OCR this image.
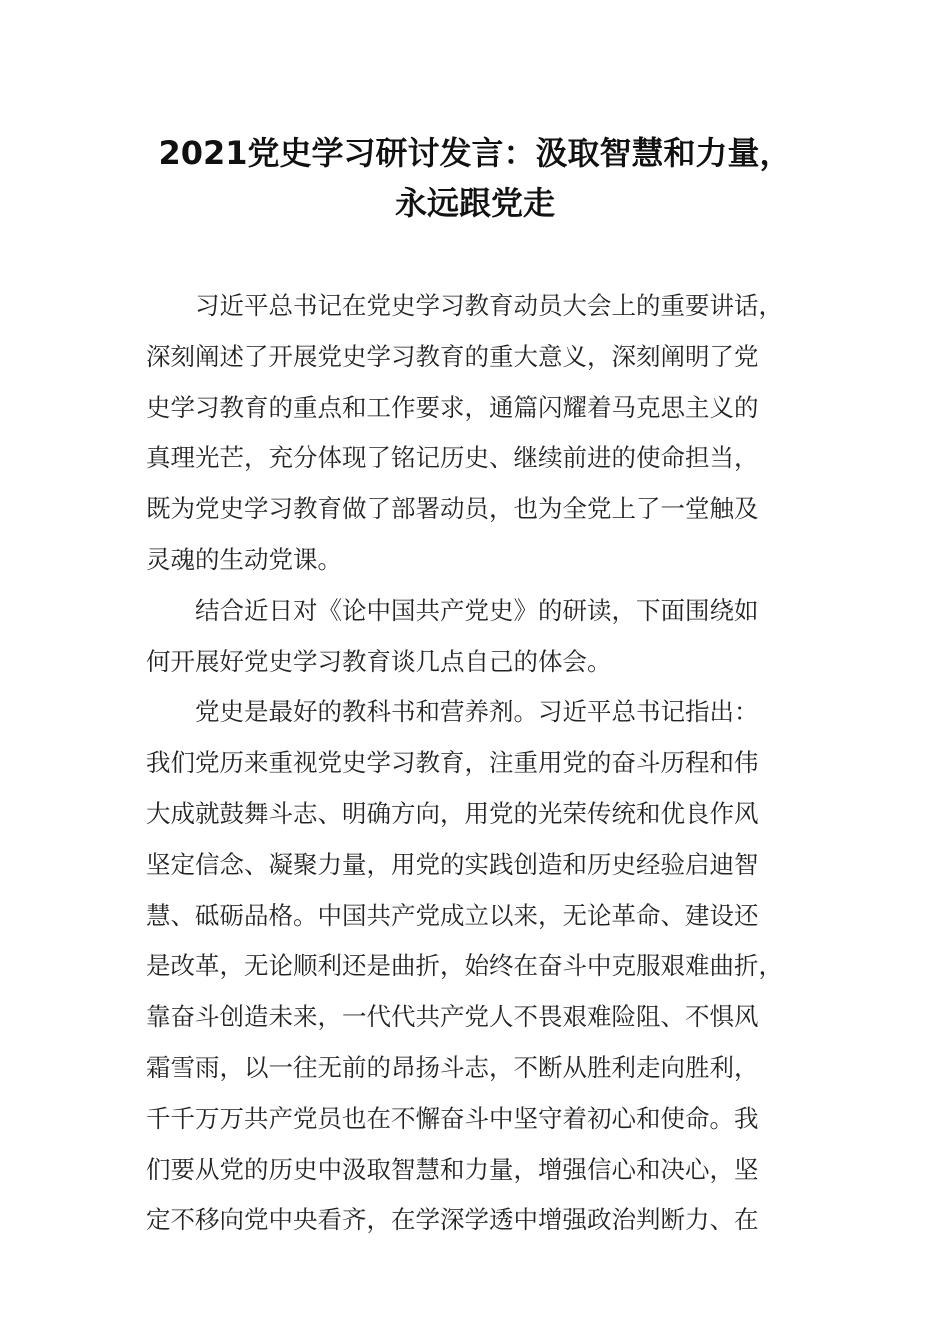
2021党史学习研讨发言：汲取智慧和力量，
永远跟党走
习近平总书记在党史学习教育动员大会上的重要讲话，
深刻阐述了开展党史学习教育的重大意义，深刻阐明了党
史学习教育的重点和工作要求，通篇闪耀着马克思主义的
真理光芒，充分体现了铭记历史、继续前进的使命担当，
既为党史学习教育做了部署动员，也为全党上了一堂触及
灵魂的生动党课。
结合近日对《论中国共产党史》的研读，下面围绕如
何开展好党史学习教育谈几点自己的体会。
党史是最好的教科书和营养剂。习近平总书记指出：
我们党历来重视党史学习教育，注重用党的奋斗历程和伟
大成就鼓舞斗志、明确方向，用党的光荣传统和优良作风
坚定信念、凝聚力量，用党的实践创造和历史经验启迪智
慧、砥砺品格。中国共产党成立以来，无论革命、建设还
是改革，无论顺利还是曲折，始终在奋斗中克服艰难曲折，
靠奋斗创造未来，一代代共产党人不畏艰难险阻、不惧风
霜雪雨，以一往无前的昂扬斗志，不断从胜利走向胜利，
千千万万共产党员也在不懈奋斗中坚守着初心和使命。我
们要从党的历史中汲取智慧和力量，增强信心和决心，坚
定不移向党中央看齐，在学深学透中增强政治判断力、在
